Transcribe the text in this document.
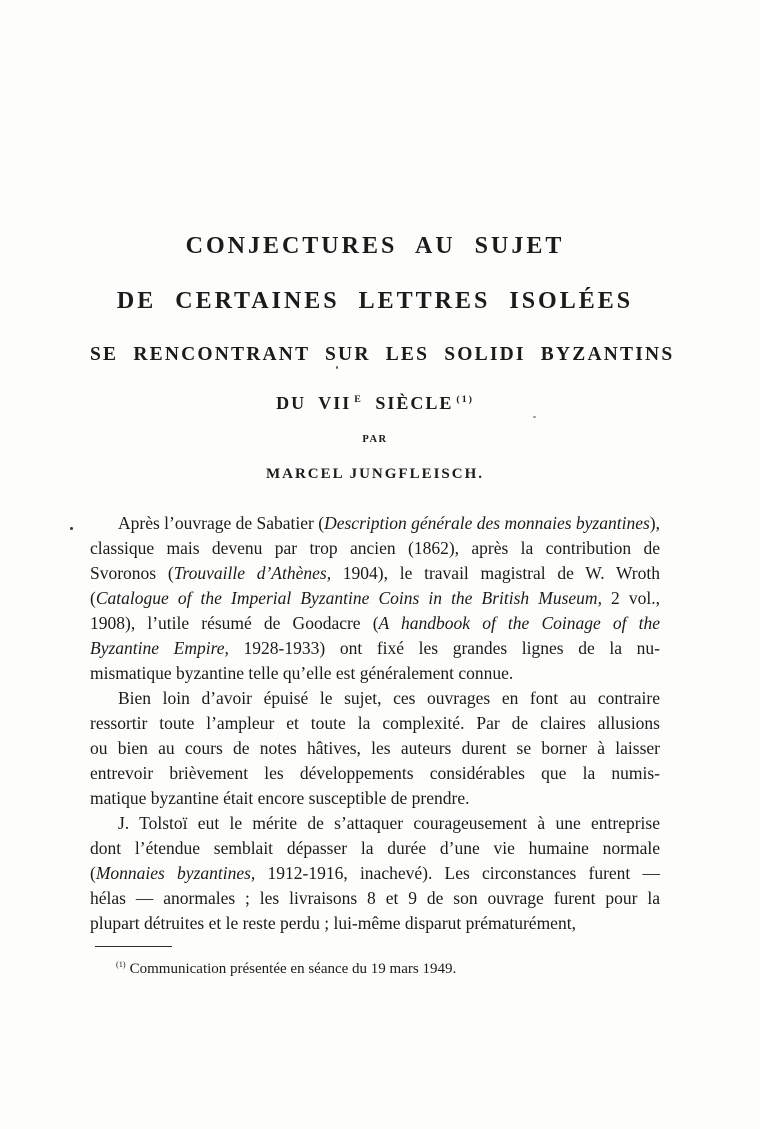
CONJECTURES AU SUJET
DE CERTAINES LETTRES ISOLÉES
SE RENCONTRANT SUR LES SOLIDI BYZANTINS
DU VII $^E$ SIÈCLE $^{(1)}$
PAR
MARCEL JUNGFLEISCH.
Après l’ouvrage de Sabatier (Description générale des monnaies byzantines),
classique mais devenu par trop ancien (1862), après la contribution de
Svoronos (Trouvaille d’Athènes, 1904), le travail magistral de W. Wroth
(Catalogue of the Imperial Byzantine Coins in the British Museum, 2 vol.,
1908), l’utile résumé de Goodacre (A handbook of the Coinage of the
Byzantine Empire, 1928-1933) ont fixé les grandes lignes de la nu-
mismatique byzantine telle qu’elle est généralement connue.
Bien loin d’avoir épuisé le sujet, ces ouvrages en font au contraire
ressortir toute l’ampleur et toute la complexité. Par de claires allusions
ou bien au cours de notes hâtives, les auteurs durent se borner à laisser
entrevoir brièvement les développements considérables que la numis-
matique byzantine était encore susceptible de prendre.
J. Tolstoï eut le mérite de s’attaquer courageusement à une entreprise
dont l’étendue semblait dépasser la durée d’une vie humaine normale
(Monnaies byzantines, 1912-1916, inachevé). Les circonstances furent —
hélas — anormales ; les livraisons 8 et 9 de son ouvrage furent pour la
plupart détruites et le reste perdu ; lui-même disparut prématurément,
$^{(1)}$ Communication présentée en séance du 19 mars 1949.
